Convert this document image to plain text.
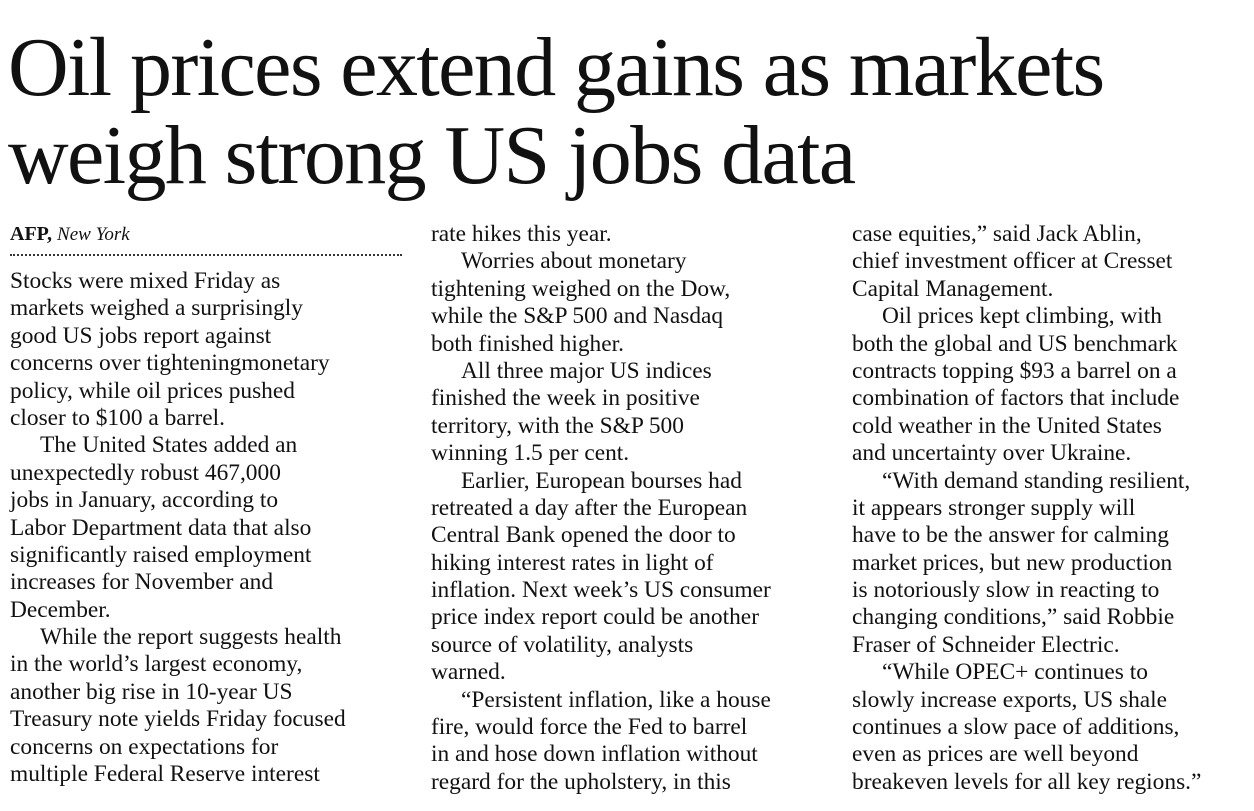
Oil prices extend gains as markets
weigh strong US jobs data
AFP, New York
Stocks were mixed Friday as
markets weighed a surprisingly
good US jobs report against
concerns over tighteningmonetary
policy, while oil prices pushed
closer to $100 a barrel.
The United States added an
unexpectedly robust 467,000
jobs in January, according to
Labor Department data that also
significantly raised employment
increases for November and
December.
While the report suggests health
in the world’s largest economy,
another big rise in 10-year US
Treasury note yields Friday focused
concerns on expectations for
multiple Federal Reserve interest
rate hikes this year.
Worries about monetary
tightening weighed on the Dow,
while the S&P 500 and Nasdaq
both finished higher.
All three major US indices
finished the week in positive
territory, with the S&P 500
winning 1.5 per cent.
Earlier, European bourses had
retreated a day after the European
Central Bank opened the door to
hiking interest rates in light of
inflation. Next week’s US consumer
price index report could be another
source of volatility, analysts
warned.
“Persistent inflation, like a house
fire, would force the Fed to barrel
in and hose down inflation without
regard for the upholstery, in this
case equities,” said Jack Ablin,
chief investment officer at Cresset
Capital Management.
Oil prices kept climbing, with
both the global and US benchmark
contracts topping $93 a barrel on a
combination of factors that include
cold weather in the United States
and uncertainty over Ukraine.
“With demand standing resilient,
it appears stronger supply will
have to be the answer for calming
market prices, but new production
is notoriously slow in reacting to
changing conditions,” said Robbie
Fraser of Schneider Electric.
“While OPEC+ continues to
slowly increase exports, US shale
continues a slow pace of additions,
even as prices are well beyond
breakeven levels for all key regions.”
